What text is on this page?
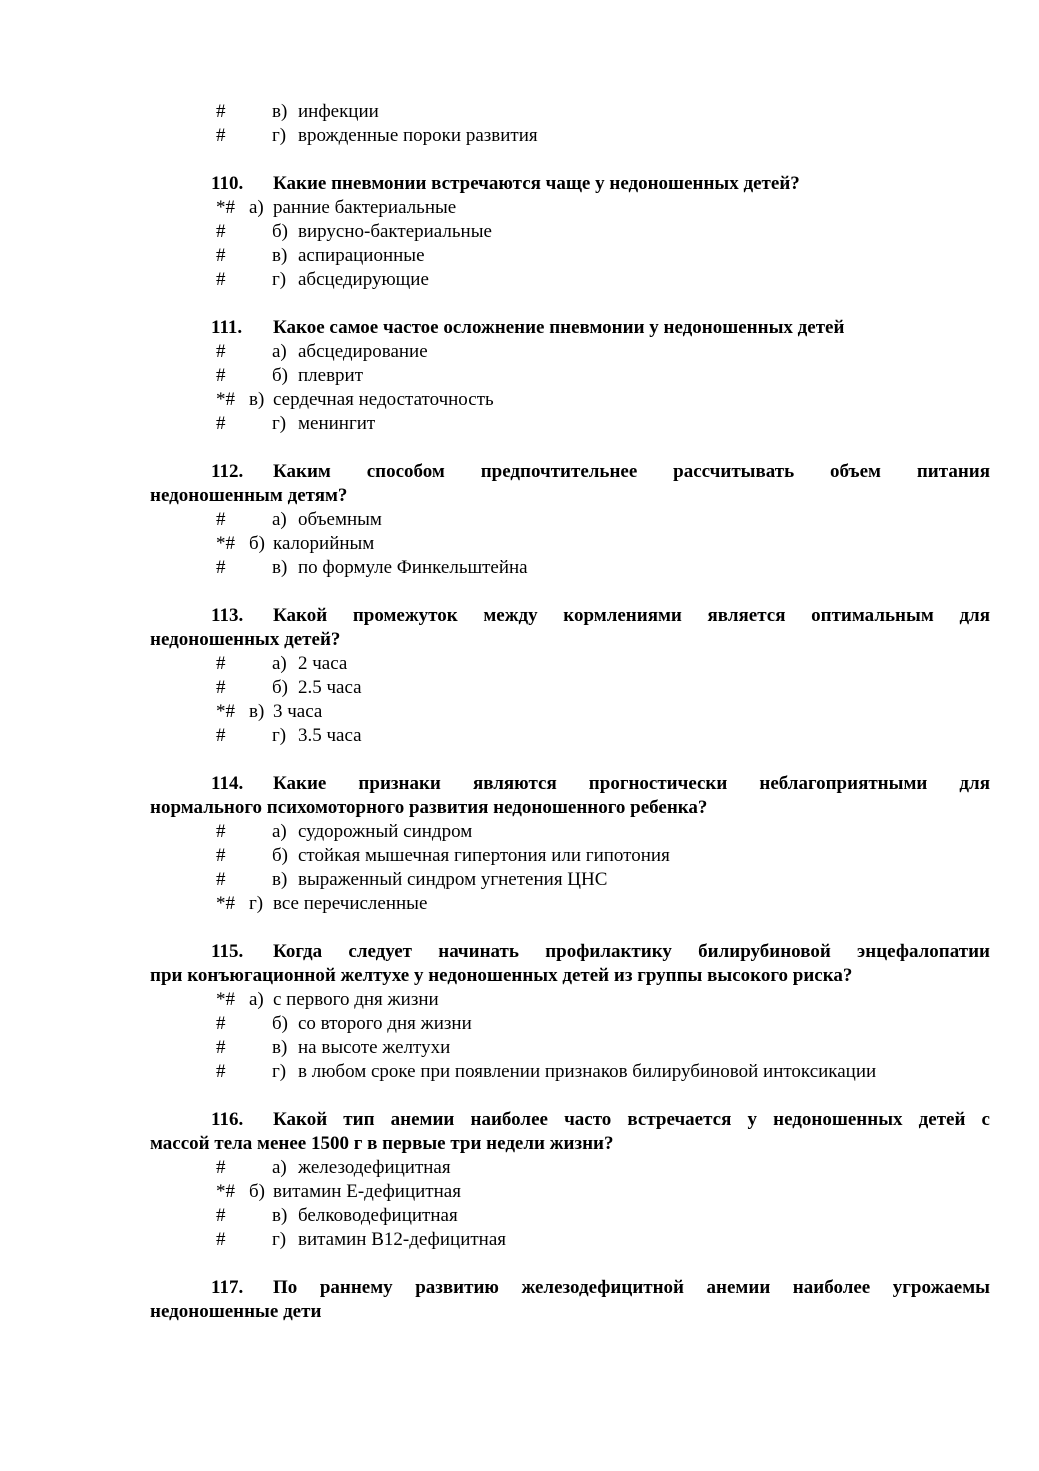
# в) инфекции
# г) врожденные пороки развития
110. Какие пневмонии встречаются чаще у недоношенных детей?
*# а) ранние бактериальные
# б) вирусно-бактериальные
# в) аспирационные
# г) абсцедирующие
111. Какое самое частое осложнение пневмонии у недоношенных детей
# а) абсцедирование
# б) плеврит
*# в) сердечная недостаточность
# г) менингит
112. Каким способом предпочтительнее рассчитывать объем питания
недоношенным детям?
# а) объемным
*# б) калорийным
# в) по формуле Финкельштейна
113. Какой промежуток между кормлениями является оптимальным для
недоношенных детей?
# а) 2 часа
# б) 2.5 часа
*# в) 3 часа
# г) 3.5 часа
114. Какие признаки являются прогностически неблагоприятными для
нормального психомоторного развития недоношенного ребенка?
# а) судорожный синдром
# б) стойкая мышечная гипертония или гипотония
# в) выраженный синдром угнетения ЦНС
*# г) все перечисленные
115. Когда следует начинать профилактику билирубиновой энцефалопатии
при конъюгационной желтухе у недоношенных детей из группы высокого риска?
*# а) с первого дня жизни
# б) со второго дня жизни
# в) на высоте желтухи
# г) в любом сроке при появлении признаков билирубиновой интоксикации
116. Какой тип анемии наиболее часто встречается у недоношенных детей с
массой тела менее 1500 г в первые три недели жизни?
# а) железодефицитная
*# б) витамин Е-дефицитная
# в) белководефицитная
# г) витамин В12-дефицитная
117. По раннему развитию железодефицитной анемии наиболее угрожаемы
недоношенные дети
